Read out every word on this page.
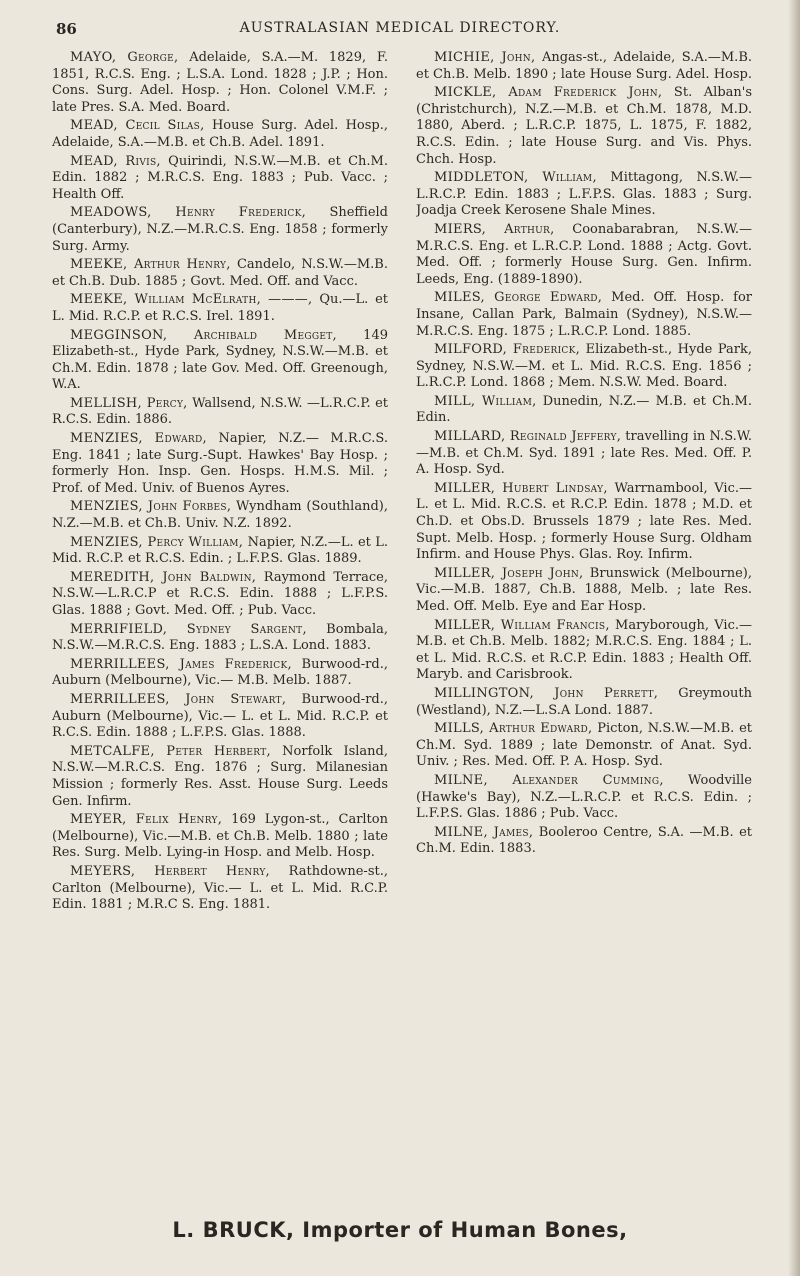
86	AUSTRALASIAN MEDICAL DIRECTORY.

MAYO, George, Adelaide, S.A.—M. 1829, F. 1851, R.C.S. Eng. ; L.S.A. Lond. 1828 ; J.P. ; Hon. Cons. Surg. Adel. Hosp. ; Hon. Colonel V.M.F. ; late Pres. S.A. Med. Board.

MEAD, Cecil Silas, House Surg. Adel. Hosp., Adelaide, S.A.—M.B. et Ch.B. Adel. 1891.

MEAD, Rivis, Quirindi, N.S.W.—M.B. et Ch.M. Edin. 1882 ; M.R.C.S. Eng. 1883 ; Pub. Vacc. ; Health Off.

MEADOWS, Henry Frederick, Sheffield (Canterbury), N.Z.—M.R.C.S. Eng. 1858 ; formerly Surg. Army.

MEEKE, Arthur Henry, Candelo, N.S.W.—M.B. et Ch.B. Dub. 1885 ; Govt. Med. Off. and Vacc.

MEEKE, William McElrath, ———, Qu.—L. et L. Mid. R.C.P. et R.C.S. Irel. 1891.

MEGGINSON, Archibald Megget, 149 Elizabeth-st., Hyde Park, Sydney, N.S.W.—M.B. et Ch.M. Edin. 1878 ; late Gov. Med. Off. Greenough, W.A.

MELLISH, Percy, Wallsend, N.S.W. —L.R.C.P. et R.C.S. Edin. 1886.

MENZIES, Edward, Napier, N.Z.— M.R.C.S. Eng. 1841 ; late Surg.-Supt. Hawkes' Bay Hosp. ; formerly Hon. Insp. Gen. Hosps. H.M.S. Mil. ; Prof. of Med. Univ. of Buenos Ayres.

MENZIES, John Forbes, Wyndham (Southland), N.Z.—M.B. et Ch.B. Univ. N.Z. 1892.

MENZIES, Percy William, Napier, N.Z.—L. et L. Mid. R.C.P. et R.C.S. Edin. ; L.F.P.S. Glas. 1889.

MEREDITH, John Baldwin, Raymond Terrace, N.S.W.—L.R.C.P et R.C.S. Edin. 1888 ; L.F.P.S. Glas. 1888 ; Govt. Med. Off. ; Pub. Vacc.

MERRIFIELD, Sydney Sargent, Bombala, N.S.W.—M.R.C.S. Eng. 1883 ; L.S.A. Lond. 1883.

MERRILLEES, James Frederick, Burwood-rd., Auburn (Melbourne), Vic.— M.B. Melb. 1887.

MERRILLEES, John Stewart, Burwood-rd., Auburn (Melbourne), Vic.— L. et L. Mid. R.C.P. et R.C.S. Edin. 1888 ; L.F.P.S. Glas. 1888.

METCALFE, Peter Herbert, Norfolk Island, N.S.W.—M.R.C.S. Eng. 1876 ; Surg. Milanesian Mission ; formerly Res. Asst. House Surg. Leeds Gen. Infirm.

MEYER, Felix Henry, 169 Lygon-st., Carlton (Melbourne), Vic.—M.B. et Ch.B. Melb. 1880 ; late Res. Surg. Melb. Lying-in Hosp. and Melb. Hosp.

MEYERS, Herbert Henry, Rathdowne-st., Carlton (Melbourne), Vic.— L. et L. Mid. R.C.P. Edin. 1881 ; M.R.C S. Eng. 1881.

MICHIE, John, Angas-st., Adelaide, S.A.—M.B. et Ch.B. Melb. 1890 ; late House Surg. Adel. Hosp.

MICKLE, Adam Frederick John, St. Alban's (Christchurch), N.Z.—M.B. et Ch.M. 1878, M.D. 1880, Aberd. ; L.R.C.P. 1875, L. 1875, F. 1882, R.C.S. Edin. ; late House Surg. and Vis. Phys. Chch. Hosp.

MIDDLETON, William, Mittagong, N.S.W.—L.R.C.P. Edin. 1883 ; L.F.P.S. Glas. 1883 ; Surg. Joadja Creek Kerosene Shale Mines.

MIERS, Arthur, Coonabarabran, N.S.W.—M.R.C.S. Eng. et L.R.C.P. Lond. 1888 ; Actg. Govt. Med. Off. ; formerly House Surg. Gen. Infirm. Leeds, Eng. (1889-1890).

MILES, George Edward, Med. Off. Hosp. for Insane, Callan Park, Balmain (Sydney), N.S.W.—M.R.C.S. Eng. 1875 ; L.R.C.P. Lond. 1885.

MILFORD, Frederick, Elizabeth-st., Hyde Park, Sydney, N.S.W.—M. et L. Mid. R.C.S. Eng. 1856 ; L.R.C.P. Lond. 1868 ; Mem. N.S.W. Med. Board.

MILL, William, Dunedin, N.Z.— M.B. et Ch.M. Edin.

MILLARD, Reginald Jeffery, travelling in N.S.W.—M.B. et Ch.M. Syd. 1891 ; late Res. Med. Off. P. A. Hosp. Syd.

MILLER, Hubert Lindsay, Warrnambool, Vic.—L. et L. Mid. R.C.S. et R.C.P. Edin. 1878 ; M.D. et Ch.D. et Obs.D. Brussels 1879 ; late Res. Med. Supt. Melb. Hosp. ; formerly House Surg. Oldham Infirm. and House Phys. Glas. Roy. Infirm.

MILLER, Joseph John, Brunswick (Melbourne), Vic.—M.B. 1887, Ch.B. 1888, Melb. ; late Res. Med. Off. Melb. Eye and Ear Hosp.

MILLER, William Francis, Maryborough, Vic.—M.B. et Ch.B. Melb. 1882; M.R.C.S. Eng. 1884 ; L. et L. Mid. R.C.S. et R.C.P. Edin. 1883 ; Health Off. Maryb. and Carisbrook.

MILLINGTON, John Perrett, Greymouth (Westland), N.Z.—L.S.A Lond. 1887.

MILLS, Arthur Edward, Picton, N.S.W.—M.B. et Ch.M. Syd. 1889 ; late Demonstr. of Anat. Syd. Univ. ; Res. Med. Off. P. A. Hosp. Syd.

MILNE, Alexander Cumming, Woodville (Hawke's Bay), N.Z.—L.R.C.P. et R.C.S. Edin. ; L.F.P.S. Glas. 1886 ; Pub. Vacc.

MILNE, James, Booleroo Centre, S.A. —M.B. et Ch.M. Edin. 1883.

L. BRUCK, Importer of Human Bones,
